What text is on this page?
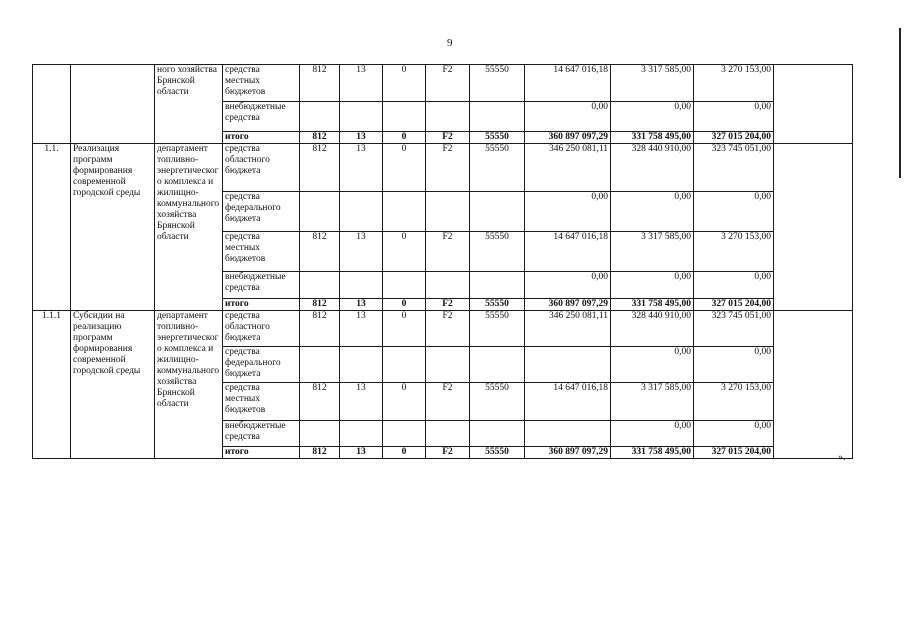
9
		ного хозяйства Брянской области	средства местных бюджетов	812	13	0	F2	55550	14 647 016,18	3 317 585,00	3 270 153,00	
			внебюджетные средства						0,00	0,00	0,00	
			итого	812	13	0	F2	55550	360 897 097,29	331 758 495,00	327 015 204,00	
1.1.	Реализация программ формирования современной городской среды	департамент топливно-энергетического комплекса и жилищно-коммунального хозяйства Брянской области	средства областного бюджета	812	13	0	F2	55550	346 250 081,11	328 440 910,00	323 745 051,00	
			средства федерального бюджета						0,00	0,00	0,00	
			средства местных бюджетов	812	13	0	F2	55550	14 647 016,18	3 317 585,00	3 270 153,00	
			внебюджетные средства						0,00	0,00	0,00	
			итого	812	13	0	F2	55550	360 897 097,29	331 758 495,00	327 015 204,00	
1.1.1	Субсидии на реализацию программ формирования современной городской среды	департамент топливно-энергетического комплекса и жилищно-коммунального хозяйства Брянской области	средства областного бюджета	812	13	0	F2	55550	346 250 081,11	328 440 910,00	323 745 051,00	
			средства федерального бюджета							0,00	0,00	
			средства местных бюджетов	812	13	0	F2	55550	14 647 016,18	3 317 585,00	3 270 153,00	
			внебюджетные средства							0,00	0,00	
			итого	812	13	0	F2	55550	360 897 097,29	331 758 495,00	327 015 204,00		».
